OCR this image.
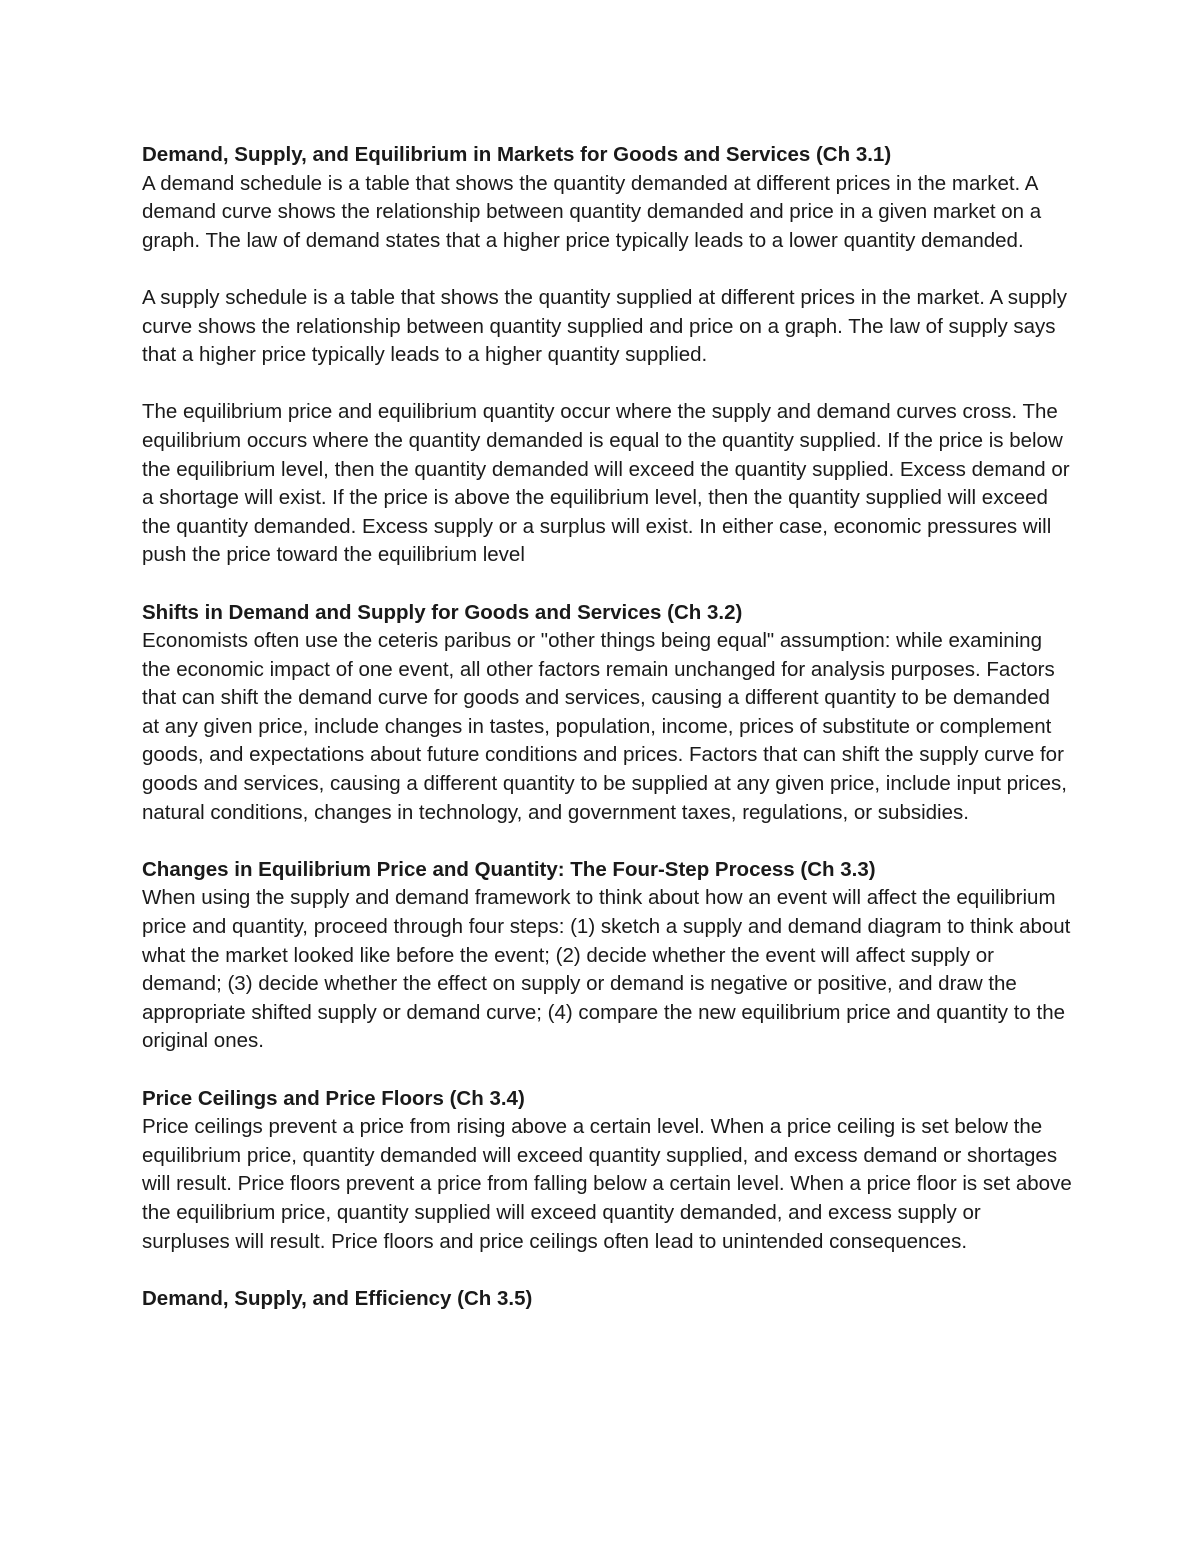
Demand, Supply, and Equilibrium in Markets for Goods and Services (Ch 3.1)

A demand schedule is a table that shows the quantity demanded at different prices in the market. A demand curve shows the relationship between quantity demanded and price in a given market on a graph. The law of demand states that a higher price typically leads to a lower quantity demanded.

A supply schedule is a table that shows the quantity supplied at different prices in the market. A supply curve shows the relationship between quantity supplied and price on a graph. The law of supply says that a higher price typically leads to a higher quantity supplied.

The equilibrium price and equilibrium quantity occur where the supply and demand curves cross. The equilibrium occurs where the quantity demanded is equal to the quantity supplied. If the price is below the equilibrium level, then the quantity demanded will exceed the quantity supplied. Excess demand or a shortage will exist. If the price is above the equilibrium level, then the quantity supplied will exceed the quantity demanded. Excess supply or a surplus will exist. In either case, economic pressures will push the price toward the equilibrium level

Shifts in Demand and Supply for Goods and Services (Ch 3.2)

Economists often use the ceteris paribus or "other things being equal" assumption: while examining the economic impact of one event, all other factors remain unchanged for analysis purposes. Factors that can shift the demand curve for goods and services, causing a different quantity to be demanded at any given price, include changes in tastes, population, income, prices of substitute or complement goods, and expectations about future conditions and prices. Factors that can shift the supply curve for goods and services, causing a different quantity to be supplied at any given price, include input prices, natural conditions, changes in technology, and government taxes, regulations, or subsidies.

Changes in Equilibrium Price and Quantity: The Four-Step Process (Ch 3.3)

When using the supply and demand framework to think about how an event will affect the equilibrium price and quantity, proceed through four steps: (1) sketch a supply and demand diagram to think about what the market looked like before the event; (2) decide whether the event will affect supply or demand; (3) decide whether the effect on supply or demand is negative or positive, and draw the appropriate shifted supply or demand curve; (4) compare the new equilibrium price and quantity to the original ones.

Price Ceilings and Price Floors (Ch 3.4)

Price ceilings prevent a price from rising above a certain level. When a price ceiling is set below the equilibrium price, quantity demanded will exceed quantity supplied, and excess demand or shortages will result. Price floors prevent a price from falling below a certain level. When a price floor is set above the equilibrium price, quantity supplied will exceed quantity demanded, and excess supply or surpluses will result. Price floors and price ceilings often lead to unintended consequences.

Demand, Supply, and Efficiency (Ch 3.5)
